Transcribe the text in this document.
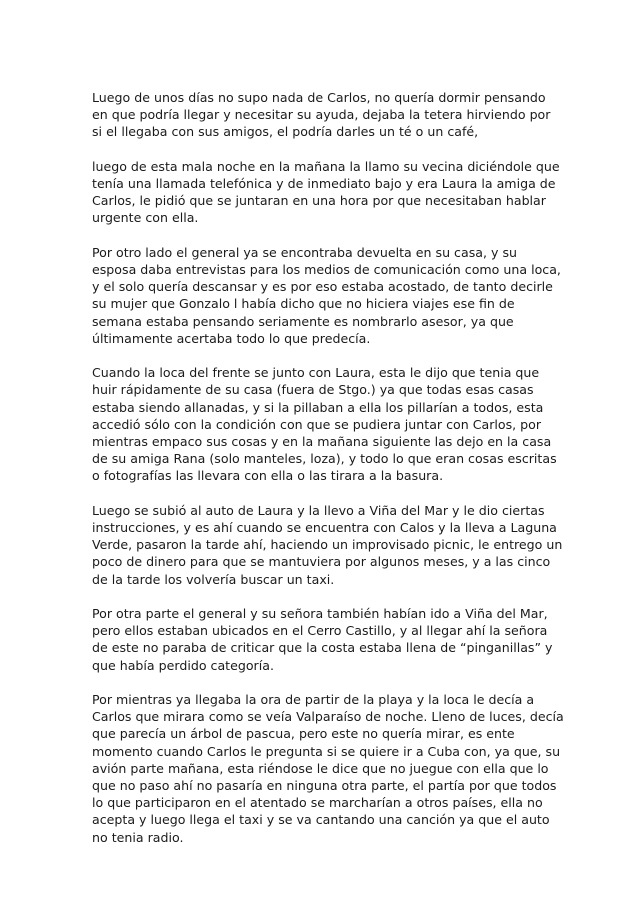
Luego de unos días no supo nada de Carlos, no quería dormir pensando en que podría llegar y necesitar su ayuda, dejaba la tetera hirviendo por si el llegaba con sus amigos, el podría darles un té o un café,

luego de esta mala noche en la mañana la llamo su vecina diciéndole que tenía una llamada telefónica y de inmediato bajo y era Laura la amiga de Carlos, le pidió que se juntaran en una hora por que necesitaban hablar urgente con ella.

Por otro lado el general ya se encontraba devuelta en su casa, y su esposa daba entrevistas para los medios de comunicación como una loca, y el solo quería descansar y es por eso estaba acostado, de tanto decirle su mujer que Gonzalo l había dicho que no hiciera viajes ese fin de semana estaba pensando seriamente es nombrarlo asesor, ya que últimamente acertaba todo lo que predecía.

Cuando la loca del frente se junto con Laura, esta le dijo que tenia que huir rápidamente de su casa (fuera de Stgo.) ya que todas esas casas estaba siendo allanadas, y si la pillaban a ella los pillarían a todos, esta accedió sólo con la condición con que se pudiera juntar con Carlos, por mientras empaco sus cosas y en la mañana siguiente las dejo en la casa de su amiga Rana (solo manteles, loza), y todo lo que eran cosas escritas o fotografías las llevara con ella o las tirara a la basura.

Luego se subió al auto de Laura y la llevo a Viña del Mar y le dio ciertas instrucciones, y es ahí cuando se encuentra con Calos y la lleva a Laguna Verde, pasaron la tarde ahí, haciendo un improvisado picnic, le entrego un poco de dinero para que se mantuviera por algunos meses, y a las cinco de la tarde los volvería buscar un taxi.

Por otra parte el general y su señora también habían ido a Viña del Mar, pero ellos estaban ubicados en el Cerro Castillo, y al llegar ahí la señora de este no paraba de criticar que la costa estaba llena de “pinganillas” y que había perdido categoría.

Por mientras ya llegaba la ora de partir de la playa y la loca le decía a Carlos que mirara como se veía Valparaíso de noche. Lleno de luces, decía que parecía un árbol de pascua, pero este no quería mirar, es ente momento cuando Carlos le pregunta si se quiere ir a Cuba con, ya que, su avión parte mañana, esta riéndose le dice que no juegue con ella que lo que no paso ahí no pasaría en ninguna otra parte, el partía por que todos lo que participaron en el atentado se marcharían a otros países, ella no acepta y luego llega el taxi y se va cantando una canción ya que el auto no tenia radio.
